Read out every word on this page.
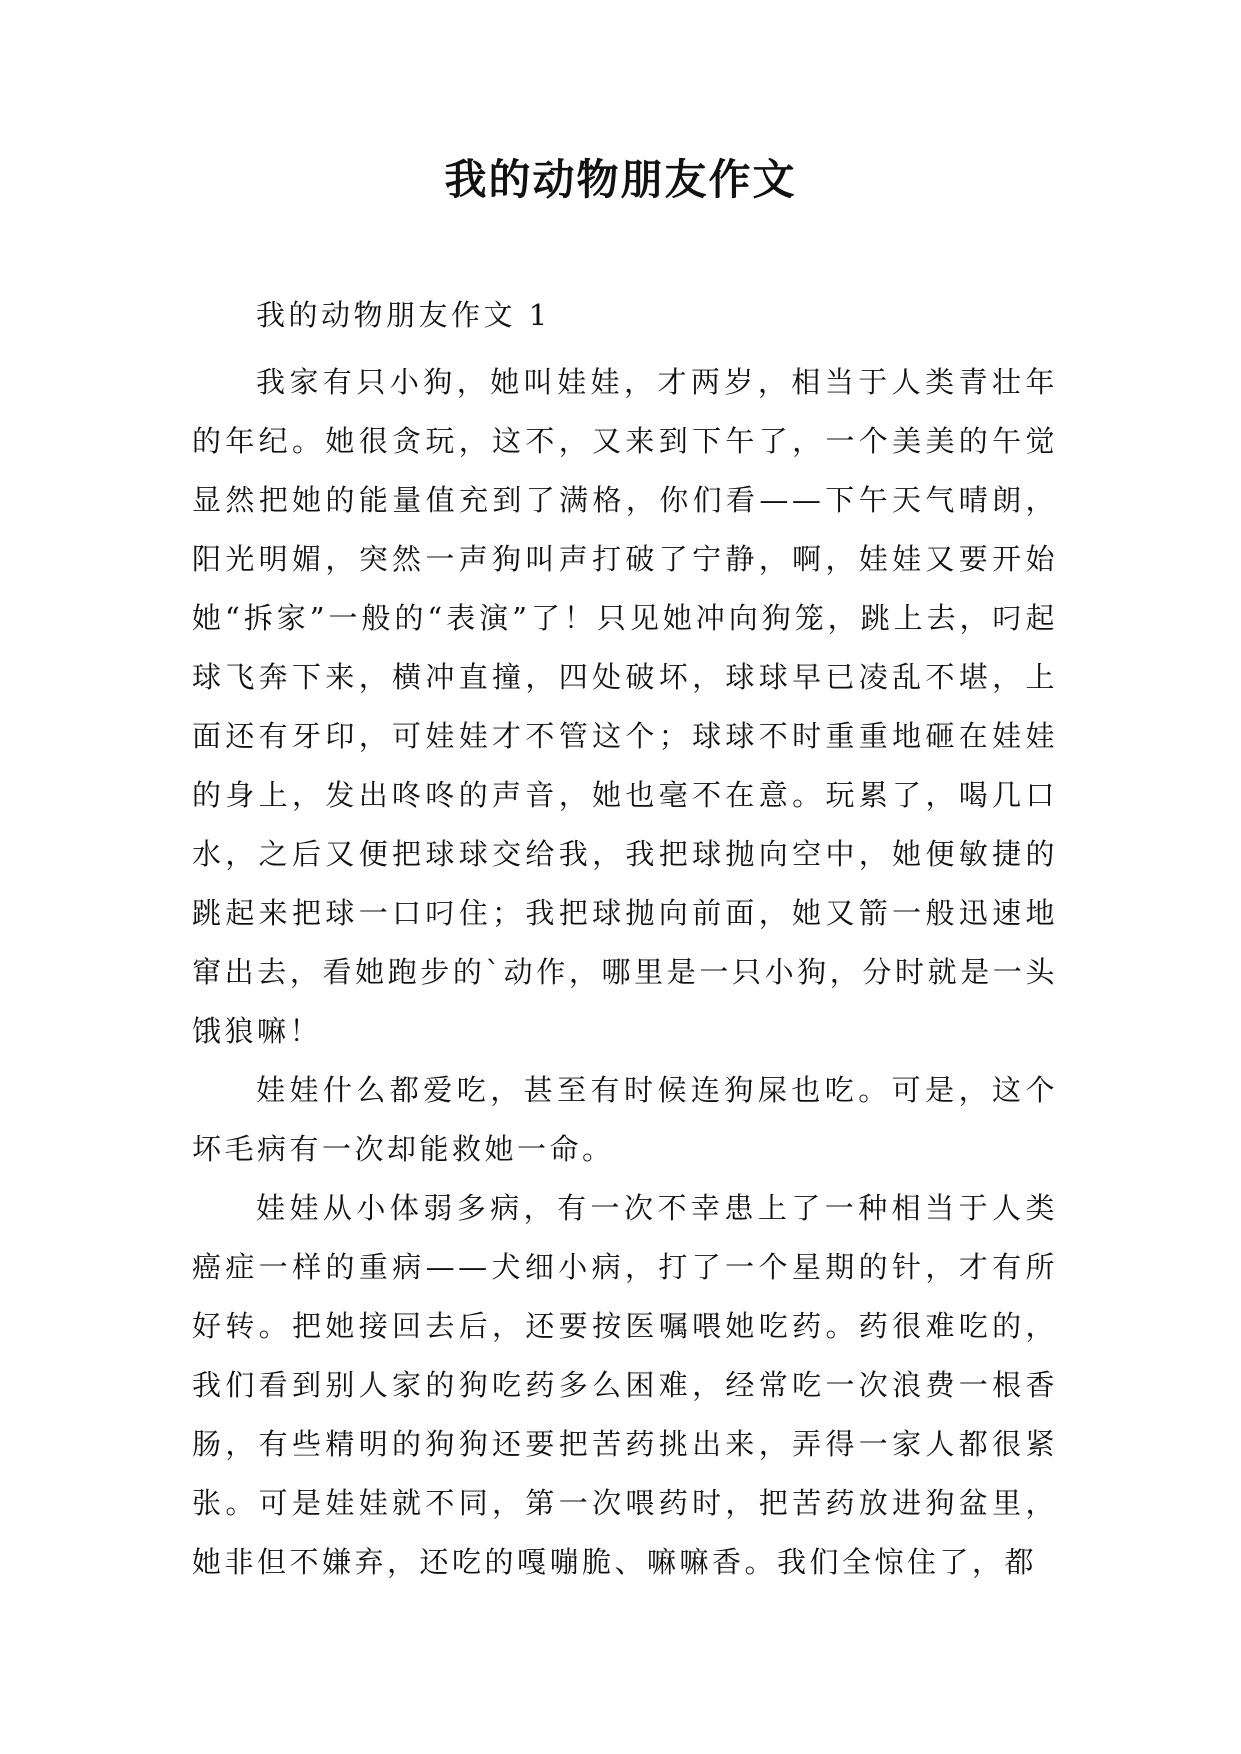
我的动物朋友作文

我的动物朋友作文 1

我家有只小狗，她叫娃娃，才两岁，相当于人类青壮年的年纪。她很贪玩，这不，又来到下午了，一个美美的午觉显然把她的能量值充到了满格，你们看——下午天气晴朗，阳光明媚，突然一声狗叫声打破了宁静，啊，娃娃又要开始她“拆家”一般的“表演”了！只见她冲向狗笼，跳上去，叼起球飞奔下来，横冲直撞，四处破坏，球球早已凌乱不堪，上面还有牙印，可娃娃才不管这个；球球不时重重地砸在娃娃的身上，发出咚咚的声音，她也毫不在意。玩累了，喝几口水，之后又便把球球交给我，我把球抛向空中，她便敏捷的跳起来把球一口叼住；我把球抛向前面，她又箭一般迅速地窜出去，看她跑步的`动作，哪里是一只小狗，分时就是一头饿狼嘛！

娃娃什么都爱吃，甚至有时候连狗屎也吃。可是，这个坏毛病有一次却能救她一命。

娃娃从小体弱多病，有一次不幸患上了一种相当于人类癌症一样的重病——犬细小病，打了一个星期的针，才有所好转。把她接回去后，还要按医嘱喂她吃药。药很难吃的，我们看到别人家的狗吃药多么困难，经常吃一次浪费一根香肠，有些精明的狗狗还要把苦药挑出来，弄得一家人都很紧张。可是娃娃就不同，第一次喂药时，把苦药放进狗盆里，她非但不嫌弃，还吃的嘎嘣脆、嘛嘛香。我们全惊住了，都
